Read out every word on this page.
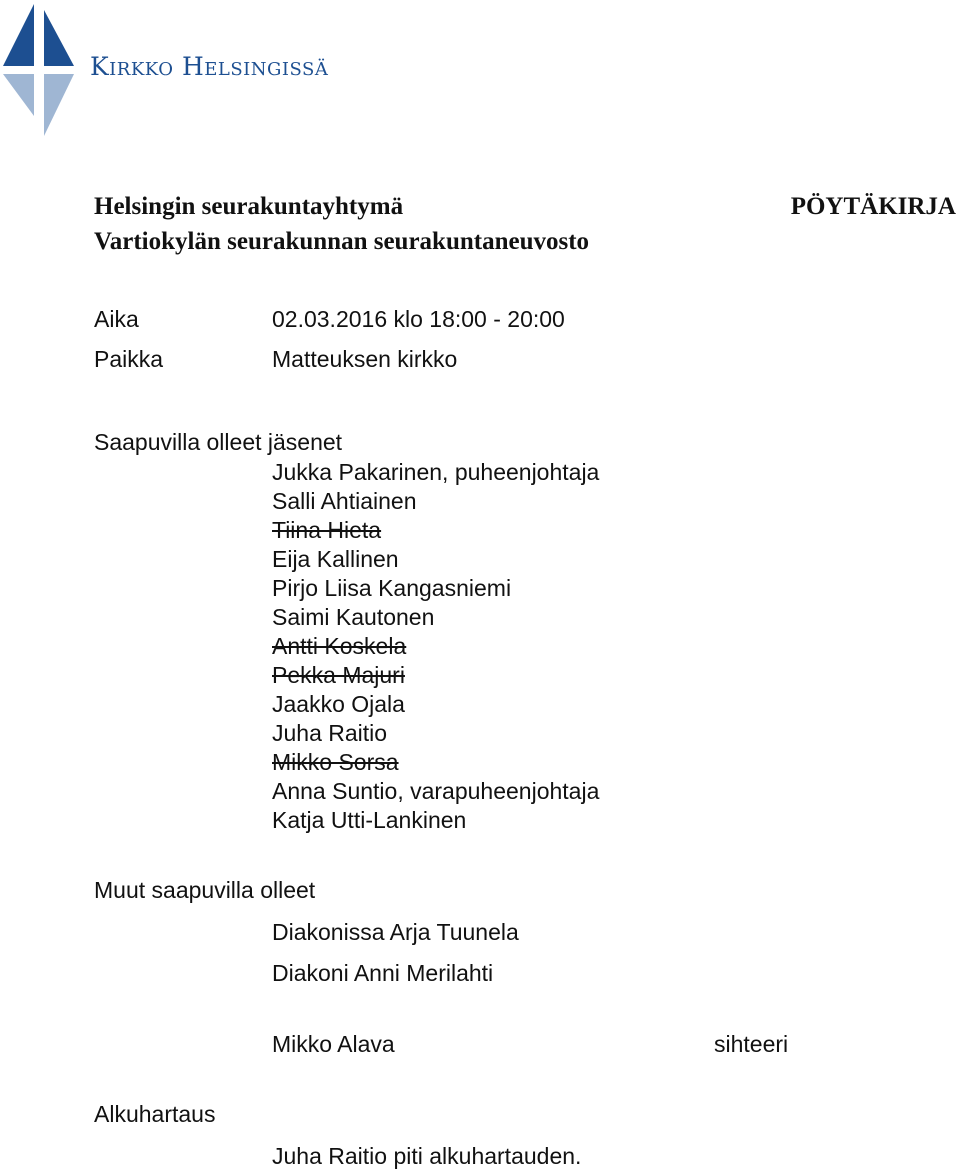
Kirkko Helsingissä
Helsingin seurakuntayhtymä
Vartiokylän seurakunnan seurakuntaneuvosto
PÖYTÄKIRJA
Aika	02.03.2016 klo 18:00 - 20:00
Paikka	Matteuksen kirkko
Saapuvilla olleet jäsenet
Jukka Pakarinen, puheenjohtaja
Salli Ahtiainen
Tiina Hieta
Eija Kallinen
Pirjo Liisa Kangasniemi
Saimi Kautonen
Antti Koskela
Pekka Majuri
Jaakko Ojala
Juha Raitio
Mikko Sorsa
Anna Suntio, varapuheenjohtaja
Katja Utti-Lankinen
Muut saapuvilla olleet
Diakonissa Arja Tuunela
Diakoni Anni Merilahti
Mikko Alava	sihteeri
Alkuhartaus
Juha Raitio piti alkuhartauden.
